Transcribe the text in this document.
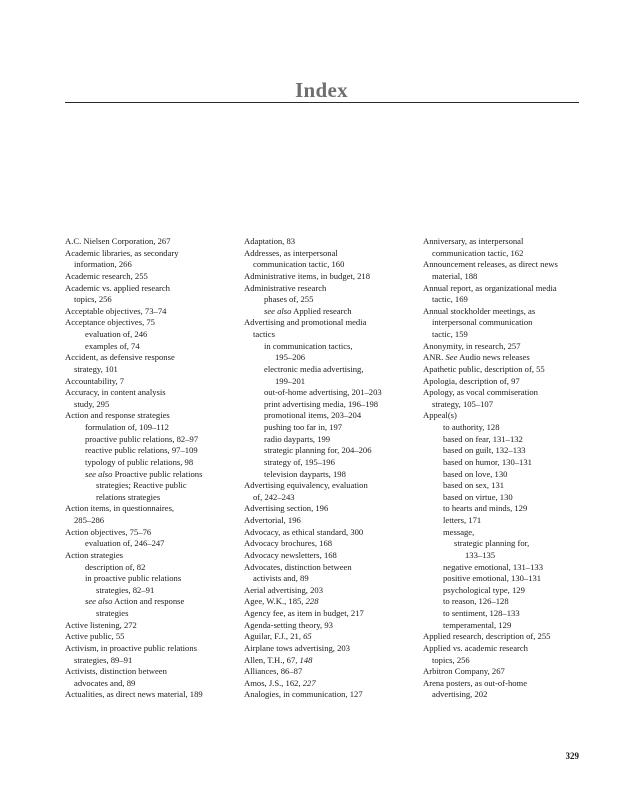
Index
A.C. Nielsen Corporation, 267
Academic libraries, as secondary
information, 266
Academic research, 255
Academic vs. applied research
topics, 256
Acceptable objectives, 73–74
Acceptance objectives, 75
evaluation of, 246
examples of, 74
Accident, as defensive response
strategy, 101
Accountability, 7
Accuracy, in content analysis
study, 295
Action and response strategies
formulation of, 109–112
proactive public relations, 82–97
reactive public relations, 97–109
typology of public relations, 98
see also Proactive public relations
strategies; Reactive public
relations strategies
Action items, in questionnaires,
285–286
Action objectives, 75–76
evaluation of, 246–247
Action strategies
description of, 82
in proactive public relations
strategies, 82–91
see also Action and response
strategies
Active listening, 272
Active public, 55
Activism, in proactive public relations
strategies, 89–91
Activists, distinction between
advocates and, 89
Actualities, as direct news material, 189
Adaptation, 83
Addresses, as interpersonal
communication tactic, 160
Administrative items, in budget, 218
Administrative research
phases of, 255
see also Applied research
Advertising and promotional media
tactics
in communication tactics,
195–206
electronic media advertising,
199–201
out-of-home advertising, 201–203
print advertising media, 196–198
promotional items, 203–204
pushing too far in, 197
radio dayparts, 199
strategic planning for, 204–206
strategy of, 195–196
television dayparts, 198
Advertising equivalency, evaluation
of, 242–243
Advertising section, 196
Advertorial, 196
Advocacy, as ethical standard, 300
Advocacy brochures, 168
Advocacy newsletters, 168
Advocates, distinction between
activists and, 89
Aerial advertising, 203
Agee, W.K., 185, 228
Agency fee, as item in budget, 217
Agenda-setting theory, 93
Aguilar, F.J., 21, 65
Airplane tows advertising, 203
Allen, T.H., 67, 148
Alliances, 86–87
Amos, J.S., 162, 227
Analogies, in communication, 127
Anniversary, as interpersonal
communication tactic, 162
Announcement releases, as direct news
material, 188
Annual report, as organizational media
tactic, 169
Annual stockholder meetings, as
interpersonal communication
tactic, 159
Anonymity, in research, 257
ANR. See Audio news releases
Apathetic public, description of, 55
Apologia, description of, 97
Apology, as vocal commiseration
strategy, 105–107
Appeal(s)
to authority, 128
based on fear, 131–132
based on guilt, 132–133
based on humor, 130–131
based on love, 130
based on sex, 131
based on virtue, 130
to hearts and minds, 129
letters, 171
message,
strategic planning for,
133–135
negative emotional, 131–133
positive emotional, 130–131
psychological type, 129
to reason, 126–128
to sentiment, 128–133
temperamental, 129
Applied research, description of, 255
Applied vs. academic research
topics, 256
Arbitron Company, 267
Arena posters, as out-of-home
advertising, 202
329
